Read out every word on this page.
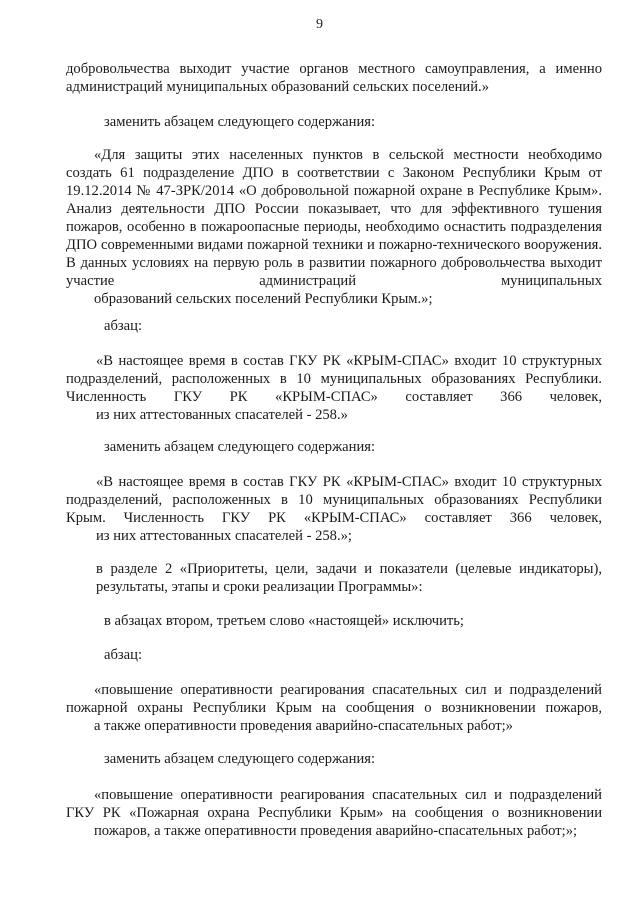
9

добровольчества выходит участие органов местного самоуправления, а именно
администраций муниципальных образований сельских поселений.»

заменить абзацем следующего содержания:

«Для защиты этих населенных пунктов в сельской местности необходимо создать 61 подразделение ДПО в соответствии с Законом Республики Крым от 19.12.2014 № 47-ЗРК/2014 «О добровольной пожарной охране в Республике Крым». Анализ деятельности ДПО России показывает, что для эффективного тушения пожаров, особенно в пожароопасные периоды, необходимо оснастить подразделения ДПО современными видами пожарной техники и пожарно-технического вооружения. В данных условиях на первую роль в развитии пожарного добровольчества выходит участие администраций муниципальных
образований сельских поселений Республики Крым.»;

абзац:

«В настоящее время в состав ГКУ РК «КРЫМ-СПАС» входит 10 структурных подразделений, расположенных в 10 муниципальных образованиях Республики. Численность ГКУ РК «КРЫМ-СПАС» составляет 366 человек,
из них аттестованных спасателей - 258.»

заменить абзацем следующего содержания:

«В настоящее время в состав ГКУ РК «КРЫМ-СПАС» входит 10 структурных подразделений, расположенных в 10 муниципальных образованиях Республики Крым. Численность ГКУ РК «КРЫМ-СПАС» составляет 366 человек,
из них аттестованных спасателей - 258.»;

в разделе 2 «Приоритеты, цели, задачи и показатели (целевые индикаторы),
результаты, этапы и сроки реализации Программы»:

в абзацах втором, третьем слово «настоящей» исключить;

абзац:

«повышение оперативности реагирования спасательных сил и подразделений пожарной охраны Республики Крым на сообщения о возникновении пожаров,
а также оперативности проведения аварийно-спасательных работ;»

заменить абзацем следующего содержания:

«повышение оперативности реагирования спасательных сил и подразделений ГКУ РК «Пожарная охрана Республики Крым» на сообщения о возникновении
пожаров, а также оперативности проведения аварийно-спасательных работ;»;
